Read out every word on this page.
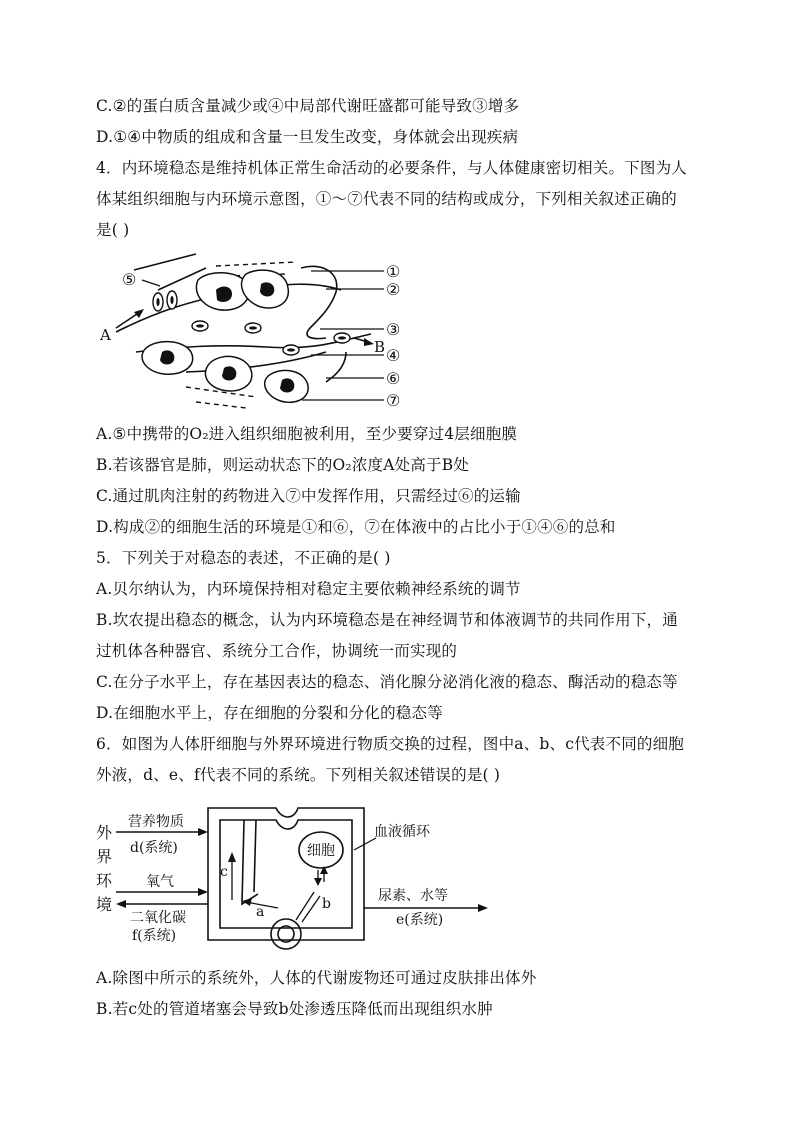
C.②的蛋白质含量减少或④中局部代谢旺盛都可能导致③增多
D.①④中物质的组成和含量一旦发生改变，身体就会出现疾病
4．内环境稳态是维持机体正常生命活动的必要条件，与人体健康密切相关。下图为人
体某组织细胞与内环境示意图，①～⑦代表不同的结构或成分，下列相关叙述正确的
是( )
A
B
⑤	①
②
③
④
⑥
⑦
A.⑤中携带的O₂进入组织细胞被利用，至少要穿过4层细胞膜
B.若该器官是肺，则运动状态下的O₂浓度A处高于B处
C.通过肌肉注射的药物进入⑦中发挥作用，只需经过⑥的运输
D.构成②的细胞生活的环境是①和⑥，⑦在体液中的占比小于①④⑥的总和
5．下列关于对稳态的表述，不正确的是( )
A.贝尔纳认为，内环境保持相对稳定主要依赖神经系统的调节
B.坎农提出稳态的概念，认为内环境稳态是在神经调节和体液调节的共同作用下，通
过机体各种器官、系统分工合作，协调统一而实现的
C.在分子水平上，存在基因表达的稳态、消化腺分泌消化液的稳态、酶活动的稳态等
D.在细胞水平上，存在细胞的分裂和分化的稳态等
6．如图为人体肝细胞与外界环境进行物质交换的过程，图中a、b、c代表不同的细胞
外液，d、e、f代表不同的系统。下列相关叙述错误的是( )
外
界
环
境
营养物质
d(系统)
氧气
二氧化碳
f(系统)
c
a	b
细胞
血液循环
尿素、水等
e(系统)
A.除图中所示的系统外，人体的代谢废物还可通过皮肤排出体外
B.若c处的管道堵塞会导致b处渗透压降低而出现组织水肿
